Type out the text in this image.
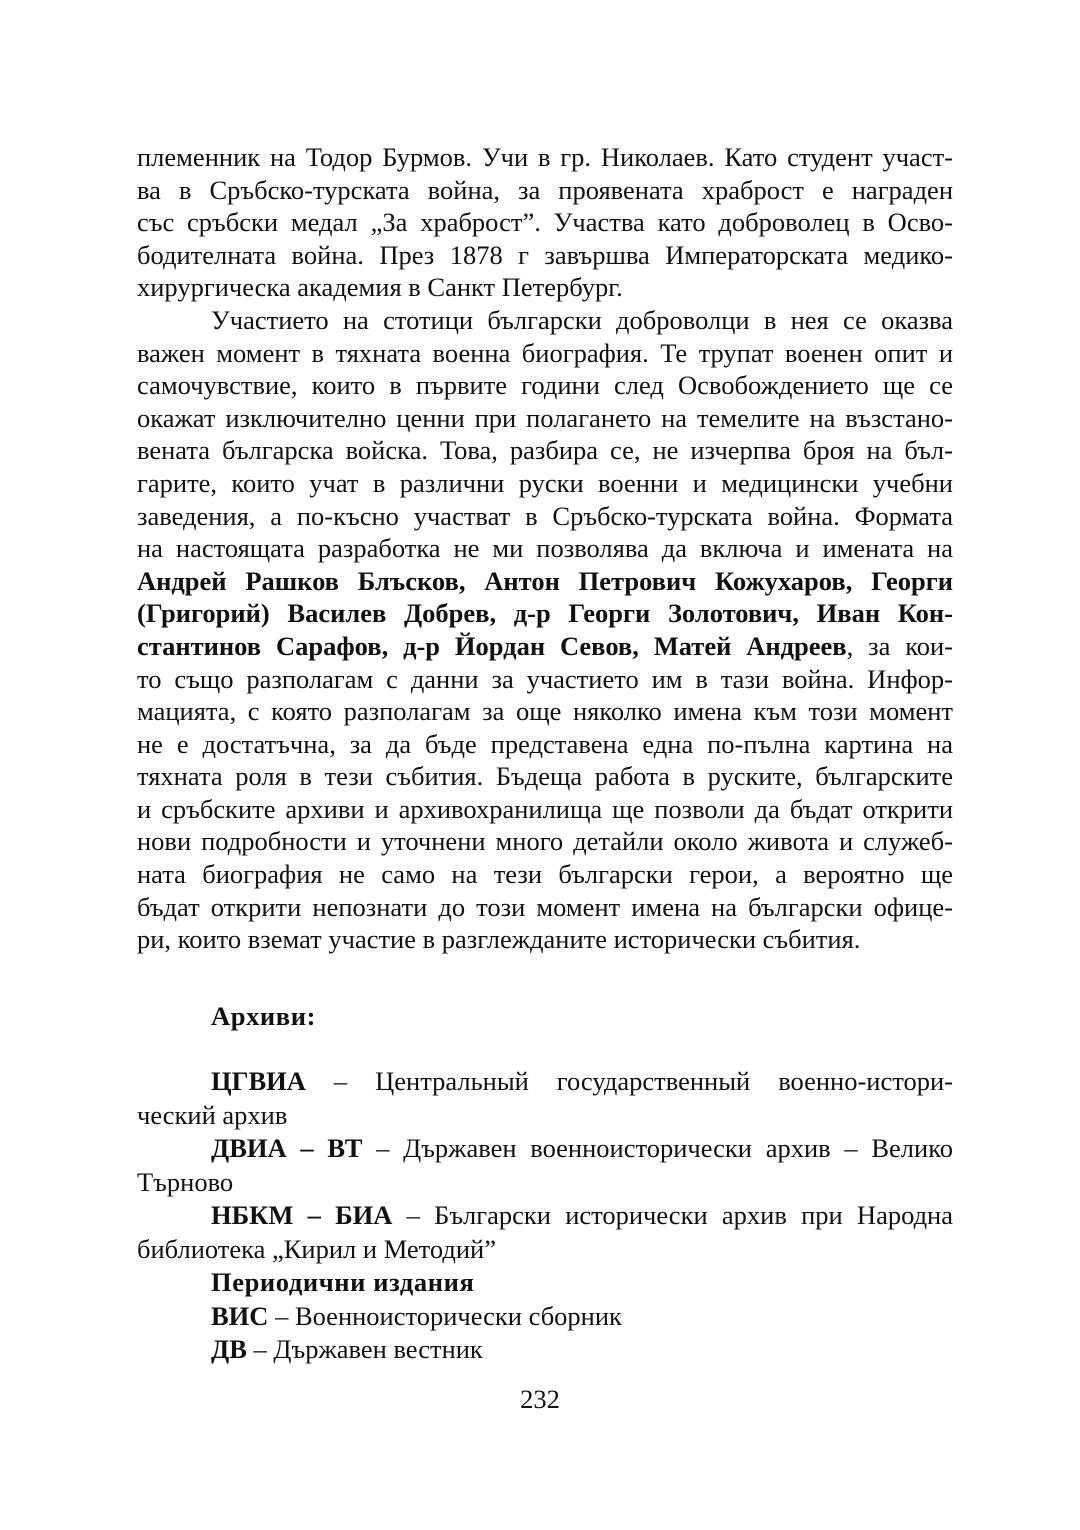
племенник на Тодор Бурмов. Учи в гр. Николаев. Като студент участ-
ва в Сръбско-турската война, за проявената храброст е награден
със сръбски медал „За храброст”. Участва като доброволец в Осво-
бодителната война. През 1878 г завършва Императорската медико-
хирургическа академия в Санкт Петербург.
Участието на стотици български доброволци в нея се оказва
важен момент в тяхната военна биография. Те трупат военен опит и
самочувствие, които в първите години след Освобождението ще се
окажат изключително ценни при полагането на темелите на възстано-
вената българска войска. Това, разбира се, не изчерпва броя на бъл-
гарите, които учат в различни руски военни и медицински учебни
заведения, а по-късно участват в Сръбско-турската война. Формата
на настоящата разработка не ми позволява да включа и имената на
Андрей Рашков Блъсков, Антон Петрович Кожухаров, Георги
(Григорий) Василев Добрев, д-р Георги Золотович, Иван Кон-
стантинов Сарафов, д-р Йордан Севов, Матей Андреев, за кои-
то също разполагам с данни за участието им в тази война. Инфор-
мацията, с която разполагам за още няколко имена към този момент
не е достатъчна, за да бъде представена една по-пълна картина на
тяхната роля в тези събития. Бъдеща работа в руските, българските
и сръбските архиви и архивохранилища ще позволи да бъдат открити
нови подробности и уточнени много детайли около живота и служеб-
ната биография не само на тези български герои, а вероятно ще
бъдат открити непознати до този момент имена на български офице-
ри, които вземат участие в разглежданите исторически събития.
Архиви:
ЦГВИА – Центральный государственный военно-истори-
ческий архив
ДВИА – ВТ – Държавен военноисторически архив – Велико
Търново
НБКМ – БИА – Български исторически архив при Народна
библиотека „Кирил и Методий”
Периодични издания
ВИС – Военноисторически сборник
ДВ – Държавен вестник
232
